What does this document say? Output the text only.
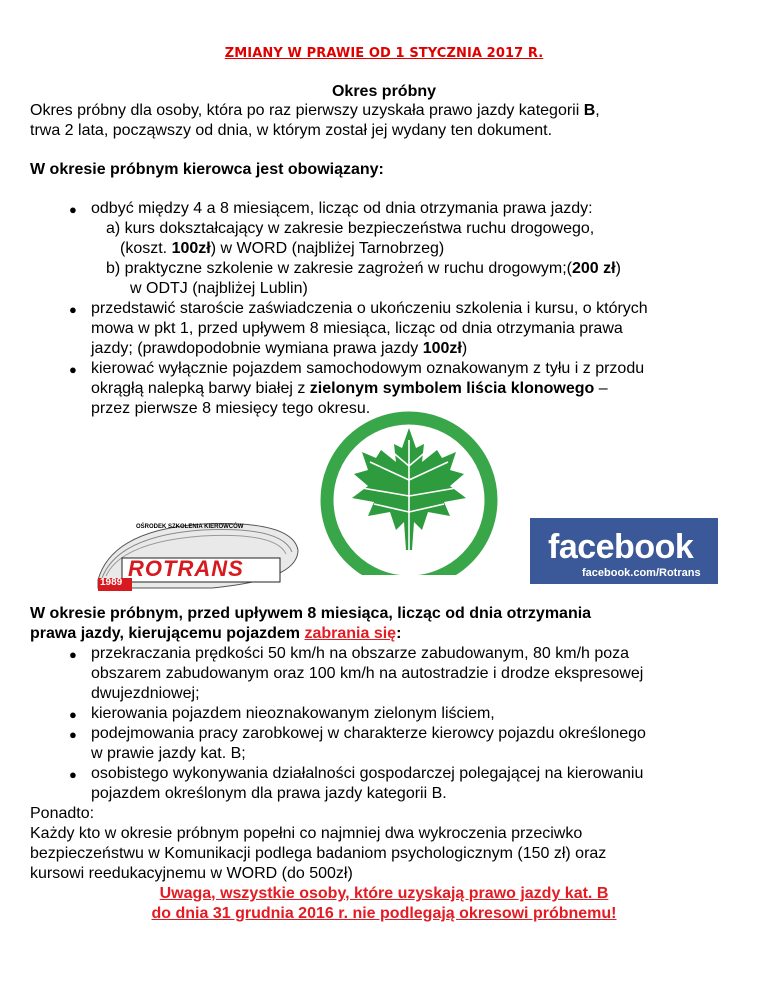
ZMIANY W PRAWIE OD 1 STYCZNIA 2017 R.
Okres próbny
Okres próbny dla osoby, która po raz pierwszy uzyskała prawo jazdy kategorii B,
trwa 2 lata, począwszy od dnia, w którym został jej wydany ten dokument.
W okresie próbnym kierowca jest obowiązany:
● odbyć między 4 a 8 miesiącem, licząc od dnia otrzymania prawa jazdy:
a) kurs dokształcający w zakresie bezpieczeństwa ruchu drogowego,
(koszt. 100zł) w WORD (najbliżej Tarnobrzeg)
b) praktyczne szkolenie w zakresie zagrożeń w ruchu drogowym;(200 zł)
w ODTJ (najbliżej Lublin)
● przedstawić staroście zaświadczenia o ukończeniu szkolenia i kursu, o których
mowa w pkt 1, przed upływem 8 miesiąca, licząc od dnia otrzymania prawa
jazdy; (prawdopodobnie wymiana prawa jazdy 100zł)
● kierować wyłącznie pojazdem samochodowym oznakowanym z tyłu i z przodu
okrągłą nalepką barwy białej z zielonym symbolem liścia klonowego –
przez pierwsze 8 miesięcy tego okresu.
OŚRODEK SZKOLENIA KIEROWCÓW
ROTRANS
1989
facebook
facebook.com/Rotrans
W okresie próbnym, przed upływem 8 miesiąca, licząc od dnia otrzymania
prawa jazdy, kierującemu pojazdem zabrania się:
● przekraczania prędkości 50 km/h na obszarze zabudowanym, 80 km/h poza
obszarem zabudowanym oraz 100 km/h na autostradzie i drodze ekspresowej
dwujezdniowej;
● kierowania pojazdem nieoznakowanym zielonym liściem,
● podejmowania pracy zarobkowej w charakterze kierowcy pojazdu określonego
w prawie jazdy kat. B;
● osobistego wykonywania działalności gospodarczej polegającej na kierowaniu
pojazdem określonym dla prawa jazdy kategorii B.
Ponadto:
Każdy kto w okresie próbnym popełni co najmniej dwa wykroczenia przeciwko
bezpieczeństwu w Komunikacji podlega badaniom psychologicznym (150 zł) oraz
kursowi reedukacyjnemu w WORD (do 500zł)
Uwaga, wszystkie osoby, które uzyskają prawo jazdy kat. B
do dnia 31 grudnia 2016 r. nie podlegają okresowi próbnemu!
